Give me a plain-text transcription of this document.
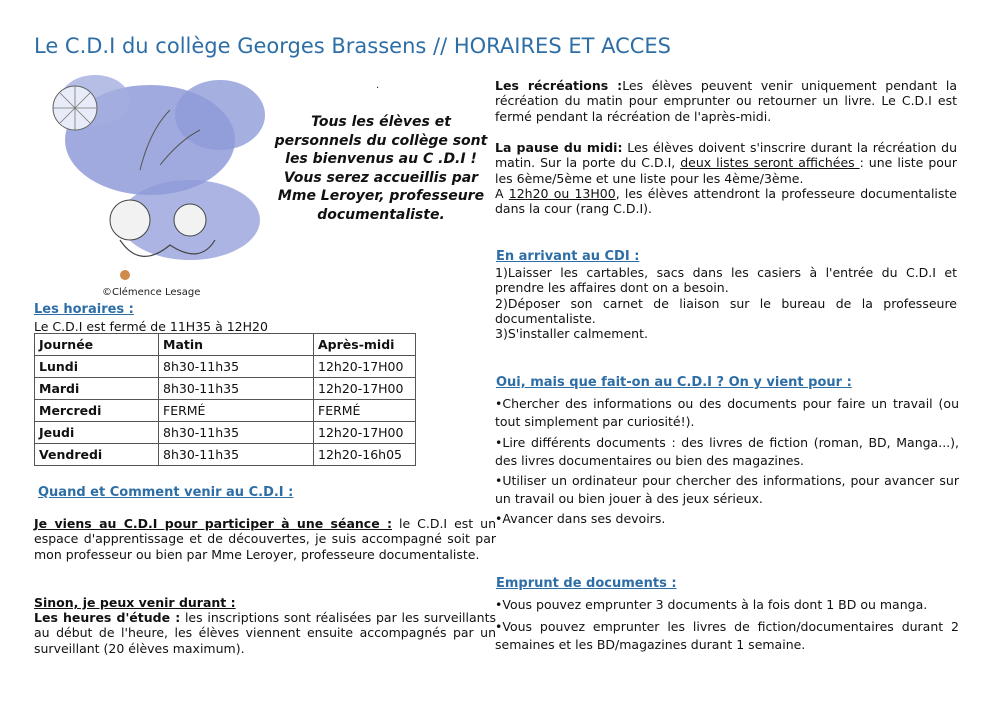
Le C.D.I du collège Georges Brassens // HORAIRES ET ACCES
©Clémence Lesage
.
Tous les élèves et personnels du collège sont les bienvenus au C .D.I ! Vous serez accueillis par Mme Leroyer, professeure documentaliste.
Les horaires :
Le C.D.I est fermé de 11H35 à 12H20
Journée	Matin	Après-midi
Lundi	8h30-11h35	12h20-17H00
Mardi	8h30-11h35	12h20-17H00
Mercredi	FERMÉ	FERMÉ
Jeudi	8h30-11h35	12h20-17H00
Vendredi	8h30-11h35	12h20-16h05
Quand et Comment venir au C.D.I :
Je viens au C.D.I pour participer à une séance : le C.D.I est un espace d'apprentissage et de découvertes, je suis accompagné soit par mon professeur ou bien par Mme Leroyer, professeure documentaliste.
Sinon, je peux venir durant :
Les heures d'étude : les inscriptions sont réalisées par les surveillants au début de l'heure, les élèves viennent ensuite accompagnés par un surveillant (20 élèves maximum).
Les récréations :Les élèves peuvent venir uniquement pendant la récréation du matin pour emprunter ou retourner un livre. Le C.D.I est fermé pendant la récréation de l'après-midi.
La pause du midi: Les élèves doivent s'inscrire durant la récréation du matin. Sur la porte du C.D.I, deux listes seront affichées : une liste pour les 6ème/5ème et une liste pour les 4ème/3ème.
A 12h20 ou 13H00, les élèves attendront la professeure documentaliste dans la cour (rang C.D.I).
En arrivant au CDI :
1)Laisser les cartables, sacs dans les casiers à l'entrée du C.D.I et prendre les affaires dont on a besoin.
2)Déposer son carnet de liaison sur le bureau de la professeure documentaliste.
3)S'installer calmement.
Oui, mais que fait-on au C.D.I ? On y vient pour :
•Chercher des informations ou des documents pour faire un travail (ou tout simplement par curiosité!).
•Lire différents documents : des livres de fiction (roman, BD, Manga...), des livres documentaires ou bien des magazines.
•Utiliser un ordinateur pour chercher des informations, pour avancer sur un travail ou bien jouer à des jeux sérieux.
•Avancer dans ses devoirs.
Emprunt de documents :
•Vous pouvez emprunter 3 documents à la fois dont 1 BD ou manga.
•Vous pouvez emprunter les livres de fiction/documentaires durant 2 semaines et les BD/magazines durant 1 semaine.
